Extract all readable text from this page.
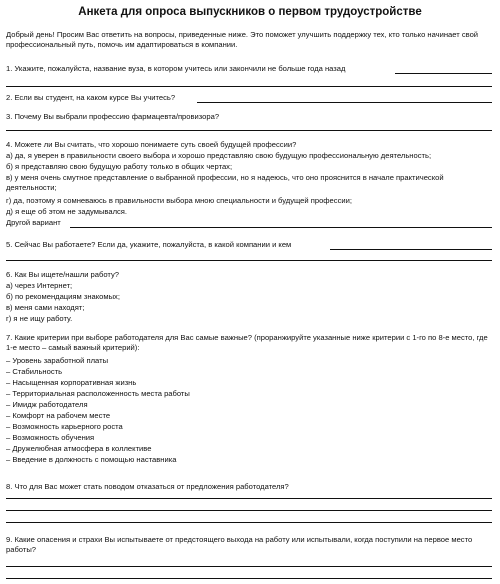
Анкета для опроса выпускников о первом трудоустройстве
Добрый день! Просим Вас ответить на вопросы, приведенные ниже. Это поможет улучшить поддержку тех, кто только начинает свой профессиональный путь, помочь им адаптироваться в компании.
1. Укажите, пожалуйста, название вуза, в котором учитесь или закончили не больше года назад
2. Если вы студент, на каком курсе Вы учитесь?
3. Почему Вы выбрали профессию фармацевта/провизора?
4. Можете ли Вы считать, что хорошо понимаете суть своей будущей профессии?
а) да, я уверен в правильности своего выбора и хорошо представляю свою будущую профессиональную деятельность;
б) я представляю свою будущую работу только в общих чертах;
в) у меня очень смутное представление о выбранной профессии, но я надеюсь, что оно прояснится в начале практической деятельности;
г) да, поэтому я сомневаюсь в правильности выбора мною специальности и будущей профессии;
д) я еще об этом не задумывался.
Другой вариант
5. Сейчас Вы работаете? Если да, укажите, пожалуйста, в какой компании и кем
6. Как Вы ищете/нашли работу?
а) через Интернет;
б) по рекомендациям знакомых;
в) меня сами находят;
г) я не ищу работу.
7. Какие критерии при выборе работодателя для Вас самые важные? (проранжируйте указанные ниже критерии с 1-го по 8-е место, где 1-е место – самый важный критерий):
– Уровень заработной платы
– Стабильность
– Насыщенная корпоративная жизнь
– Территориальная расположенность места работы
– Имидж работодателя
– Комфорт на рабочем месте
– Возможность карьерного роста
– Возможность обучения
– Дружелюбная атмосфера в коллективе
– Введение в должность с помощью наставника
8. Что для Вас может стать поводом отказаться от предложения работодателя?
9. Какие опасения и страхи Вы испытываете от предстоящего выхода на работу или испытывали, когда поступили на первое место работы?
